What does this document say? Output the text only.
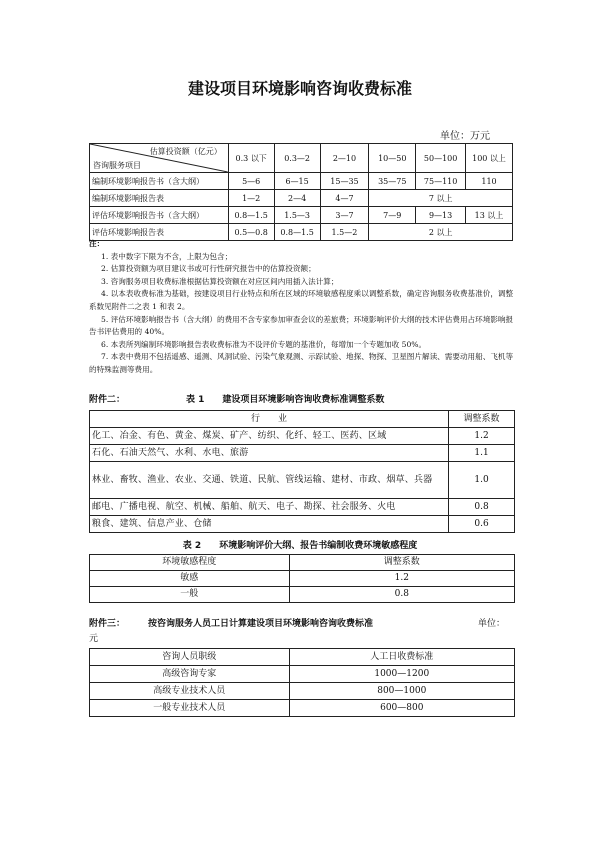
建设项目环境影响咨询收费标准
单位：万元
估算投资额（亿元）
咨询服务项目	0.3 以下	0.3—2	2—10	10—50	50—100	100 以上
编制环境影响报告书（含大纲）	5—6	6—15	15—35	35—75	75—110	110
编制环境影响报告表	1—2	2—4	4—7	7 以上		
评估环境影响报告书（含大纲）	0.8—1.5	1.5—3	3—7	7—9	9—13	13 以上
评估环境影响报告表	0.5—0.8	0.8—1.5	1.5—2	2 以上		
注：
1. 表中数字下限为不含，上限为包含；
2. 估算投资额为项目建议书或可行性研究报告中的估算投资额；
3. 咨询服务项目收费标准根据估算投资额在对应区间内用插入法计算；
4. 以本表收费标准为基础，按建设项目行业特点和所在区域的环境敏感程度乘以调整系数，确定咨询服务收费基准价，调整系数见附件二之表 1 和表 2。
5. 评估环境影响报告书（含大纲）的费用不含专家参加审查会议的差旅费；环境影响评价大纲的技术评估费用占环境影响报告书评估费用的 40%。
6. 本表所列编制环境影响报告表收费标准为不设评价专题的基准价，每增加一个专题加收 50%。
7. 本表中费用不包括遥感、遥测、风洞试验、污染气象观测、示踪试验、地探、物探、卫星图片解读、需要动用船、飞机等的特殊监测等费用。
附件二：	表 1　　建设项目环境影响咨询收费标准调整系数
行　　业	调整系数
化工、冶金、有色、黄金、煤炭、矿产、纺织、化纤、轻工、医药、区域	1.2
石化、石油天然气、水利、水电、旅游	1.1
林业、畜牧、渔业、农业、交通、铁道、民航、管线运输、建材、市政、烟草、兵器	1.0
邮电、广播电视、航空、机械、船舶、航天、电子、勘探、社会服务、火电	0.8
粮食、建筑、信息产业、仓储	0.6
表 2　　环境影响评价大纲、报告书编制收费环境敏感程度
环境敏感程度	调整系数
敏感	1.2
一般	0.8
附件三：	按咨询服务人员工日计算建设项目环境影响咨询收费标准	单位：
元
咨询人员职级	人工日收费标准
高级咨询专家	1000—1200
高级专业技术人员	800—1000
一般专业技术人员	600—800
